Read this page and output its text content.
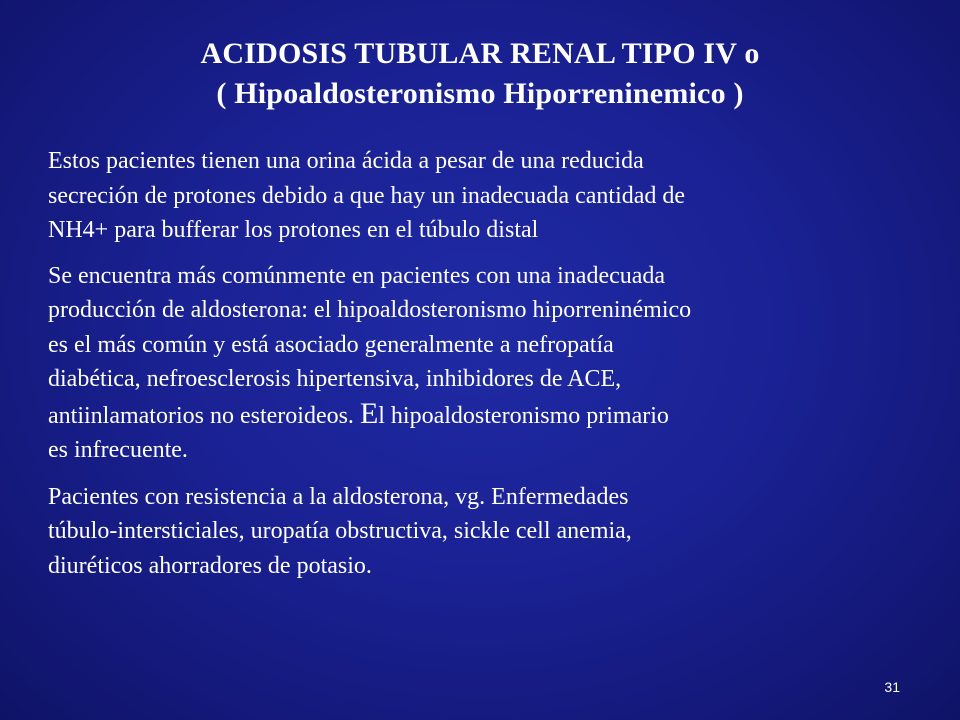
ACIDOSIS TUBULAR RENAL TIPO IV o
( Hipoaldosteronismo Hiporreninemico )

Estos pacientes tienen una orina ácida a pesar de una reducida
secreción de protones debido a que hay un inadecuada cantidad de
NH4+ para bufferar los protones en el túbulo distal

Se encuentra más comúnmente en pacientes con una inadecuada
producción de aldosterona: el hipoaldosteronismo hiporreninémico
es el más común y está asociado generalmente a nefropatía
diabética, nefroesclerosis hipertensiva, inhibidores de ACE,
antiinlamatorios no esteroideos. El hipoaldosteronismo primario
es infrecuente.

Pacientes con resistencia a la aldosterona, vg. Enfermedades
túbulo-intersticiales, uropatía obstructiva, sickle cell anemia,
diuréticos ahorradores de potasio.

31
